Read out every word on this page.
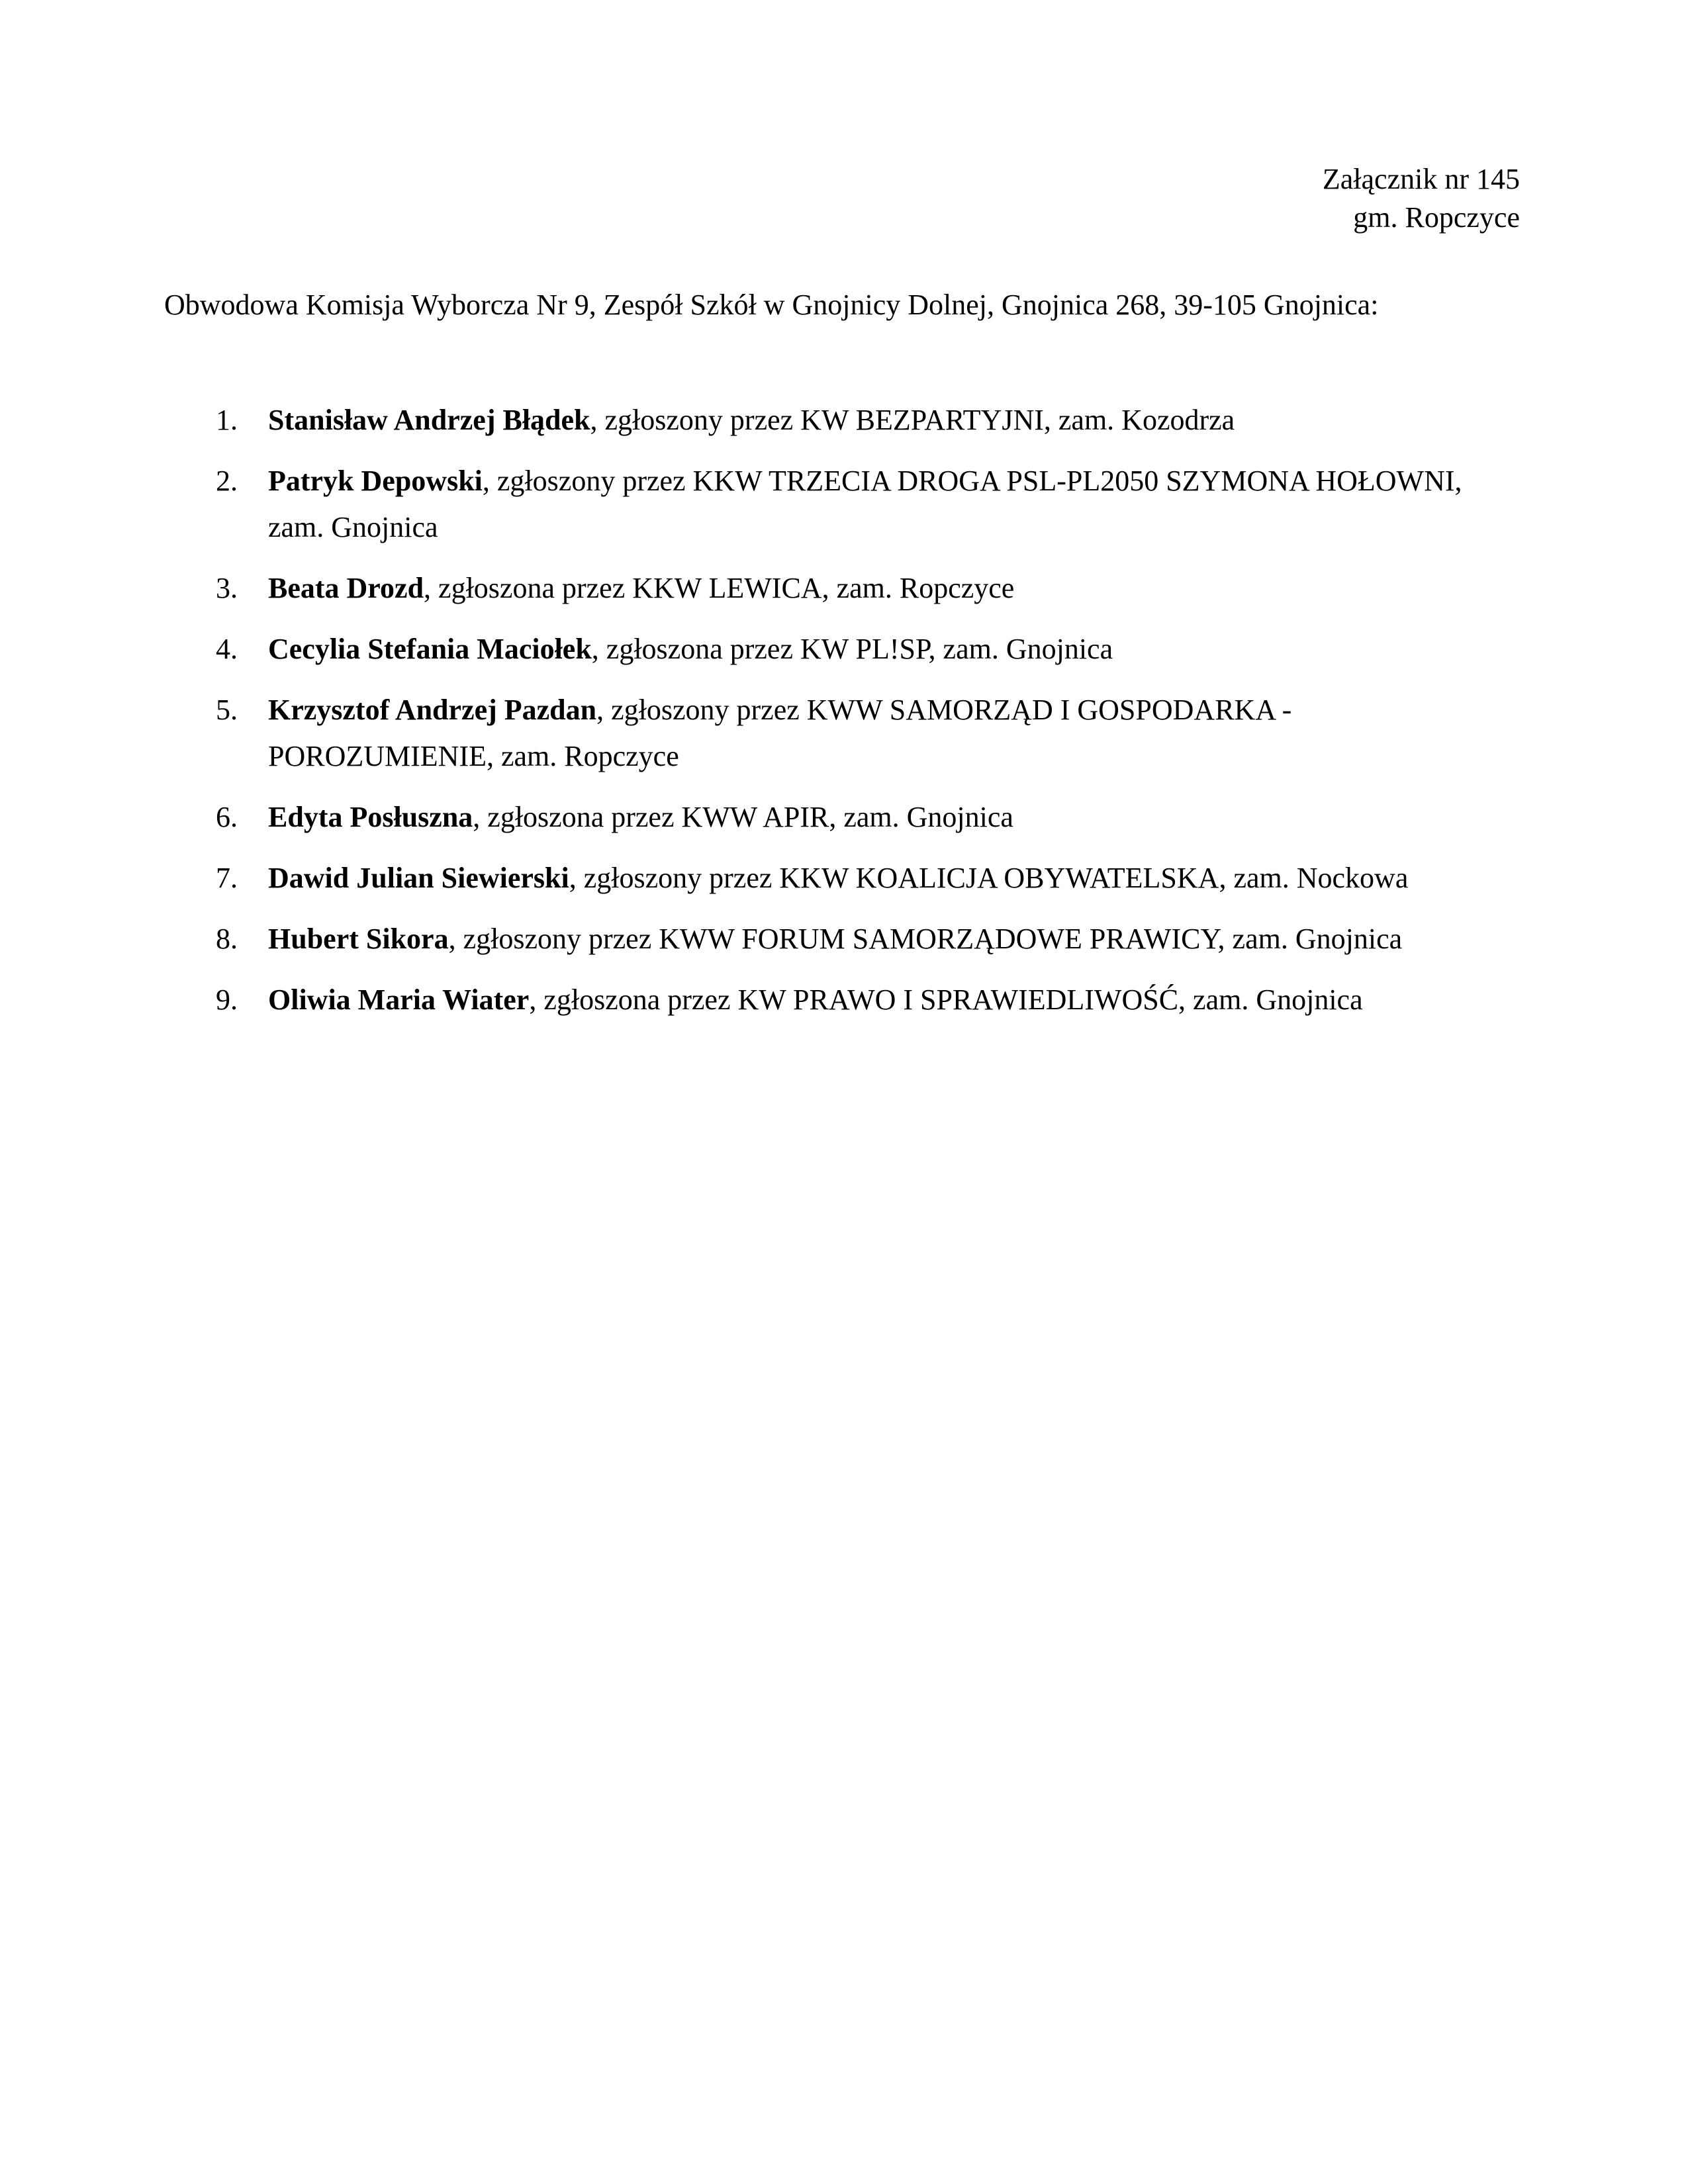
Załącznik nr 145
gm. Ropczyce
Obwodowa Komisja Wyborcza Nr 9, Zespół Szkół w Gnojnicy Dolnej, Gnojnica 268, 39-105 Gnojnica:
1. Stanisław Andrzej Błądek, zgłoszony przez KW BEZPARTYJNI, zam. Kozodrza
2. Patryk Depowski, zgłoszony przez KKW TRZECIA DROGA PSL-PL2050 SZYMONA HOŁOWNI, zam. Gnojnica
3. Beata Drozd, zgłoszona przez KKW LEWICA, zam. Ropczyce
4. Cecylia Stefania Maciołek, zgłoszona przez KW PL!SP, zam. Gnojnica
5. Krzysztof Andrzej Pazdan, zgłoszony przez KWW SAMORZĄD I GOSPODARKA - POROZUMIENIE, zam. Ropczyce
6. Edyta Posłuszna, zgłoszona przez KWW APIR, zam. Gnojnica
7. Dawid Julian Siewierski, zgłoszony przez KKW KOALICJA OBYWATELSKA, zam. Nockowa
8. Hubert Sikora, zgłoszony przez KWW FORUM SAMORZĄDOWE PRAWICY, zam. Gnojnica
9. Oliwia Maria Wiater, zgłoszona przez KW PRAWO I SPRAWIEDLIWOŚĆ, zam. Gnojnica
